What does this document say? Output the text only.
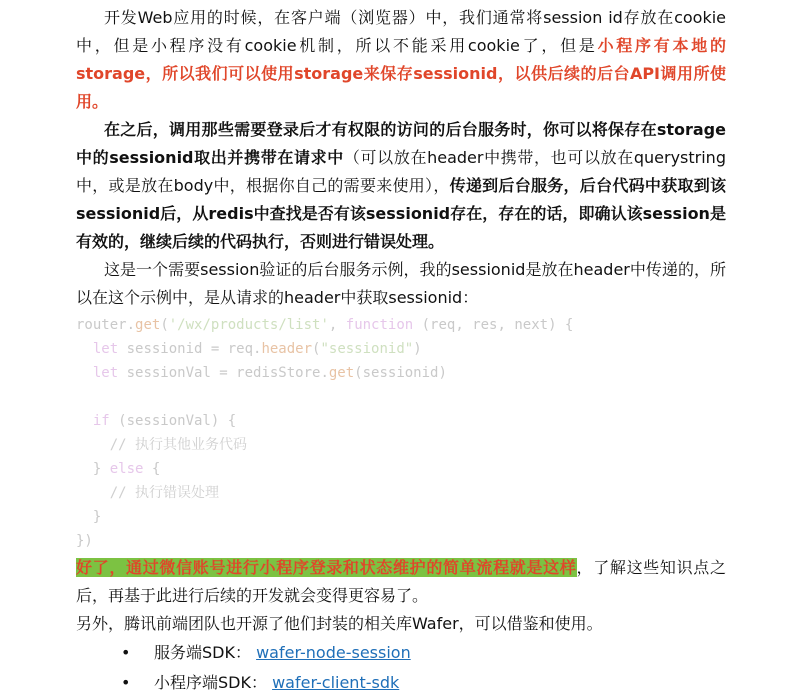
开发Web应用的时候，在客户端（浏览器）中，我们通常将session id存放在cookie中，但是小程序没有cookie机制，所以不能采用cookie了，但是小程序有本地的storage，所以我们可以使用storage来保存sessionid，以供后续的后台API调用所使用。

在之后，调用那些需要登录后才有权限的访问的后台服务时，你可以将保存在storage中的sessionid取出并携带在请求中（可以放在header中携带，也可以放在querystring中，或是放在body中，根据你自己的需要来使用），传递到后台服务，后台代码中获取到该sessionid后，从redis中查找是否有该sessionid存在，存在的话，即确认该session是有效的，继续后续的代码执行，否则进行错误处理。

这是一个需要session验证的后台服务示例，我的sessionid是放在header中传递的，所以在这个示例中，是从请求的header中获取sessionid：

router.get('/wx/products/list', function (req, res, next) {
let sessionid = req.header("sessionid")
let sessionVal = redisStore.get(sessionid)

if (sessionVal) {
// 执行其他业务代码
} else {
// 执行错误处理
}
})

好了，通过微信账号进行小程序登录和状态维护的简单流程就是这样，了解这些知识点之后，再基于此进行后续的开发就会变得更容易了。

另外，腾讯前端团队也开源了他们封装的相关库Wafer，可以借鉴和使用。

• 服务端SDK： wafer-node-session
• 小程序端SDK： wafer-client-sdk
